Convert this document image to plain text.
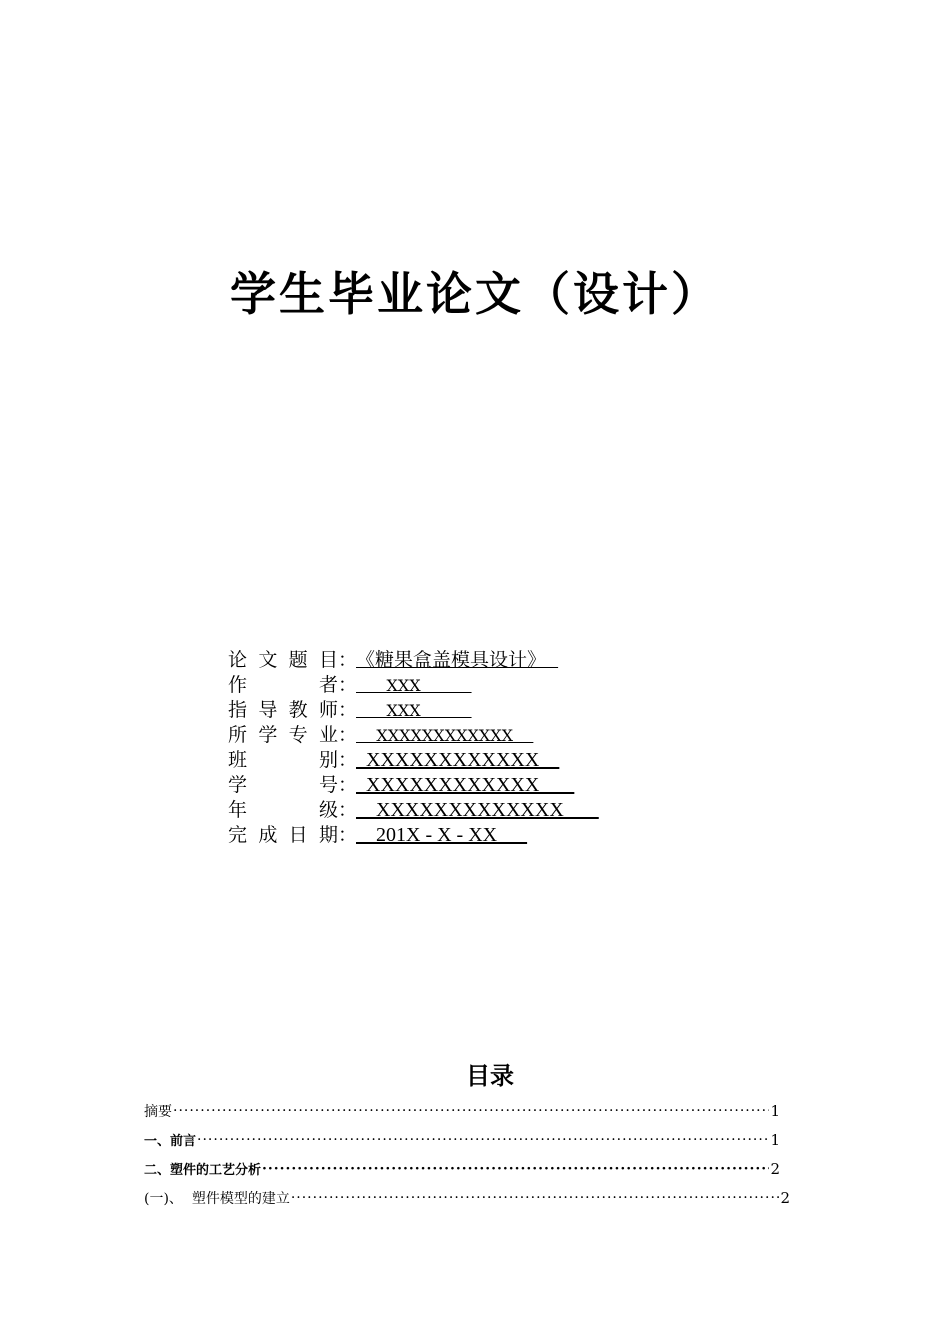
学生毕业论文（设计）
论文题目 ：
《糖果盒盖模具设计》
作者 ：
XXX
指导教师 ：
XXX
所学专业 ：
XXXXXXXXXXXX
班别 ：
XXXXXXXXXXXX
学号 ：
XXXXXXXXXXXX
年级 ：
XXXXXXXXXXXXX
完成日期 ：
201X - X - XX
目录
摘要 ·····	1
一、前言 ·····	1
二、塑件的工艺分析 ·····	2
(一)、  塑件模型的建立 ·····	2
